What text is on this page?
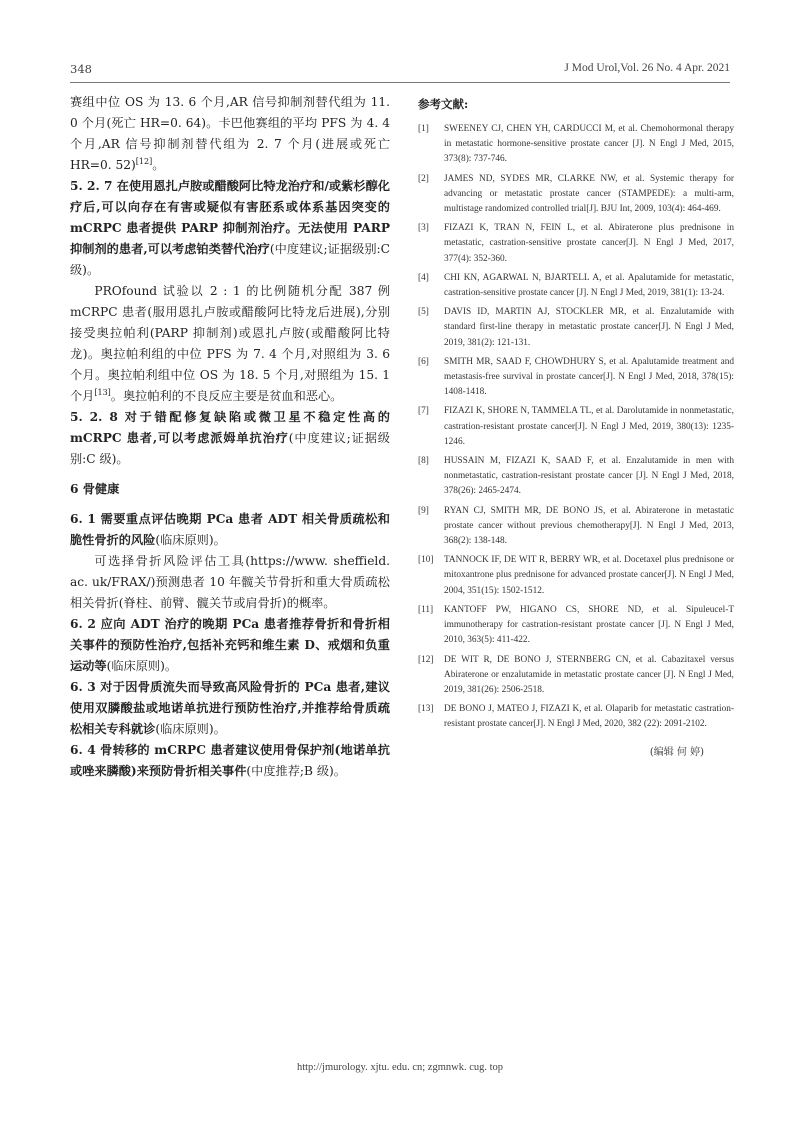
348	J Mod Urol,Vol. 26 No. 4 Apr. 2021

赛组中位 OS 为 13. 6 个月,AR 信号抑制剂替代组为 11. 0 个月(死亡 HR=0. 64)。卡巴他赛组的平均 PFS 为 4. 4 个月,AR 信号抑制剂替代组为 2. 7 个月(进展或死亡 HR=0. 52)[12]。

5. 2. 7 在使用恩扎卢胺或醋酸阿比特龙治疗和/或紫杉醇化疗后,可以向存在有害或疑似有害胚系或体系基因突变的 mCRPC 患者提供 PARP 抑制剂治疗。无法使用 PARP 抑制剂的患者,可以考虑铂类替代治疗(中度建议;证据级别:C 级)。

PROfound 试验以 2 : 1 的比例随机分配 387 例 mCRPC 患者(服用恩扎卢胺或醋酸阿比特龙后进展),分别接受奥拉帕利(PARP 抑制剂)或恩扎卢胺(或醋酸阿比特龙)。奥拉帕利组的中位 PFS 为 7. 4 个月,对照组为 3. 6 个月。奥拉帕利组中位 OS 为 18. 5 个月,对照组为 15. 1 个月[13]。奥拉帕利的不良反应主要是贫血和恶心。

5. 2. 8 对于错配修复缺陷或微卫星不稳定性高的 mCRPC 患者,可以考虑派姆单抗治疗(中度建议;证据级别:C 级)。

6 骨健康

6. 1 需要重点评估晚期 PCa 患者 ADT 相关骨质疏松和脆性骨折的风险(临床原则)。

可选择骨折风险评估工具(https://www. sheffield. ac. uk/FRAX/)预测患者 10 年髋关节骨折和重大骨质疏松相关骨折(脊柱、前臂、髋关节或肩骨折)的概率。

6. 2 应向 ADT 治疗的晚期 PCa 患者推荐骨折和骨折相关事件的预防性治疗,包括补充钙和维生素 D、戒烟和负重运动等(临床原则)。

6. 3 对于因骨质流失而导致高风险骨折的 PCa 患者,建议使用双膦酸盐或地诺单抗进行预防性治疗,并推荐给骨质疏松相关专科就诊(临床原则)。

6. 4 骨转移的 mCRPC 患者建议使用骨保护剂(地诺单抗或唑来膦酸)来预防骨折相关事件(中度推荐;B 级)。

参考文献:
[1]	SWEENEY CJ, CHEN YH, CARDUCCI M, et al. Chemohormonal therapy in metastatic hormone-sensitive prostate cancer [J]. N Engl J Med, 2015, 373(8): 737-746.
[2]	JAMES ND, SYDES MR, CLARKE NW, et al. Systemic therapy for advancing or metastatic prostate cancer (STAMPEDE): a multi-arm, multistage randomized controlled trial[J]. BJU Int, 2009, 103(4): 464-469.
[3]	FIZAZI K, TRAN N, FEIN L, et al. Abiraterone plus prednisone in metastatic, castration-sensitive prostate cancer[J]. N Engl J Med, 2017, 377(4): 352-360.
[4]	CHI KN, AGARWAL N, BJARTELL A, et al. Apalutamide for metastatic, castration-sensitive prostate cancer [J]. N Engl J Med, 2019, 381(1): 13-24.
[5]	DAVIS ID, MARTIN AJ, STOCKLER MR, et al. Enzalutamide with standard first-line therapy in metastatic prostate cancer[J]. N Engl J Med, 2019, 381(2): 121-131.
[6]	SMITH MR, SAAD F, CHOWDHURY S, et al. Apalutamide treatment and metastasis-free survival in prostate cancer[J]. N Engl J Med, 2018, 378(15): 1408-1418.
[7]	FIZAZI K, SHORE N, TAMMELA TL, et al. Darolutamide in nonmetastatic, castration-resistant prostate cancer[J]. N Engl J Med, 2019, 380(13): 1235-1246.
[8]	HUSSAIN M, FIZAZI K, SAAD F, et al. Enzalutamide in men with nonmetastatic, castration-resistant prostate cancer [J]. N Engl J Med, 2018, 378(26): 2465-2474.
[9]	RYAN CJ, SMITH MR, DE BONO JS, et al. Abiraterone in metastatic prostate cancer without previous chemotherapy[J]. N Engl J Med, 2013, 368(2): 138-148.
[10]	TANNOCK IF, DE WIT R, BERRY WR, et al. Docetaxel plus prednisone or mitoxantrone plus prednisone for advanced prostate cancer[J]. N Engl J Med, 2004, 351(15): 1502-1512.
[11]	KANTOFF PW, HIGANO CS, SHORE ND, et al. Sipuleucel-T immunotherapy for castration-resistant prostate cancer [J]. N Engl J Med, 2010, 363(5): 411-422.
[12]	DE WIT R, DE BONO J, STERNBERG CN, et al. Cabazitaxel versus Abiraterone or enzalutamide in metastatic prostate cancer [J]. N Engl J Med, 2019, 381(26): 2506-2518.
[13]	DE BONO J, MATEO J, FIZAZI K, et al. Olaparib for metastatic castration-resistant prostate cancer[J]. N Engl J Med, 2020, 382 (22): 2091-2102.
(编辑 何 婷)
http://jmurology. xjtu. edu. cn; zgmnwk. cug. top
